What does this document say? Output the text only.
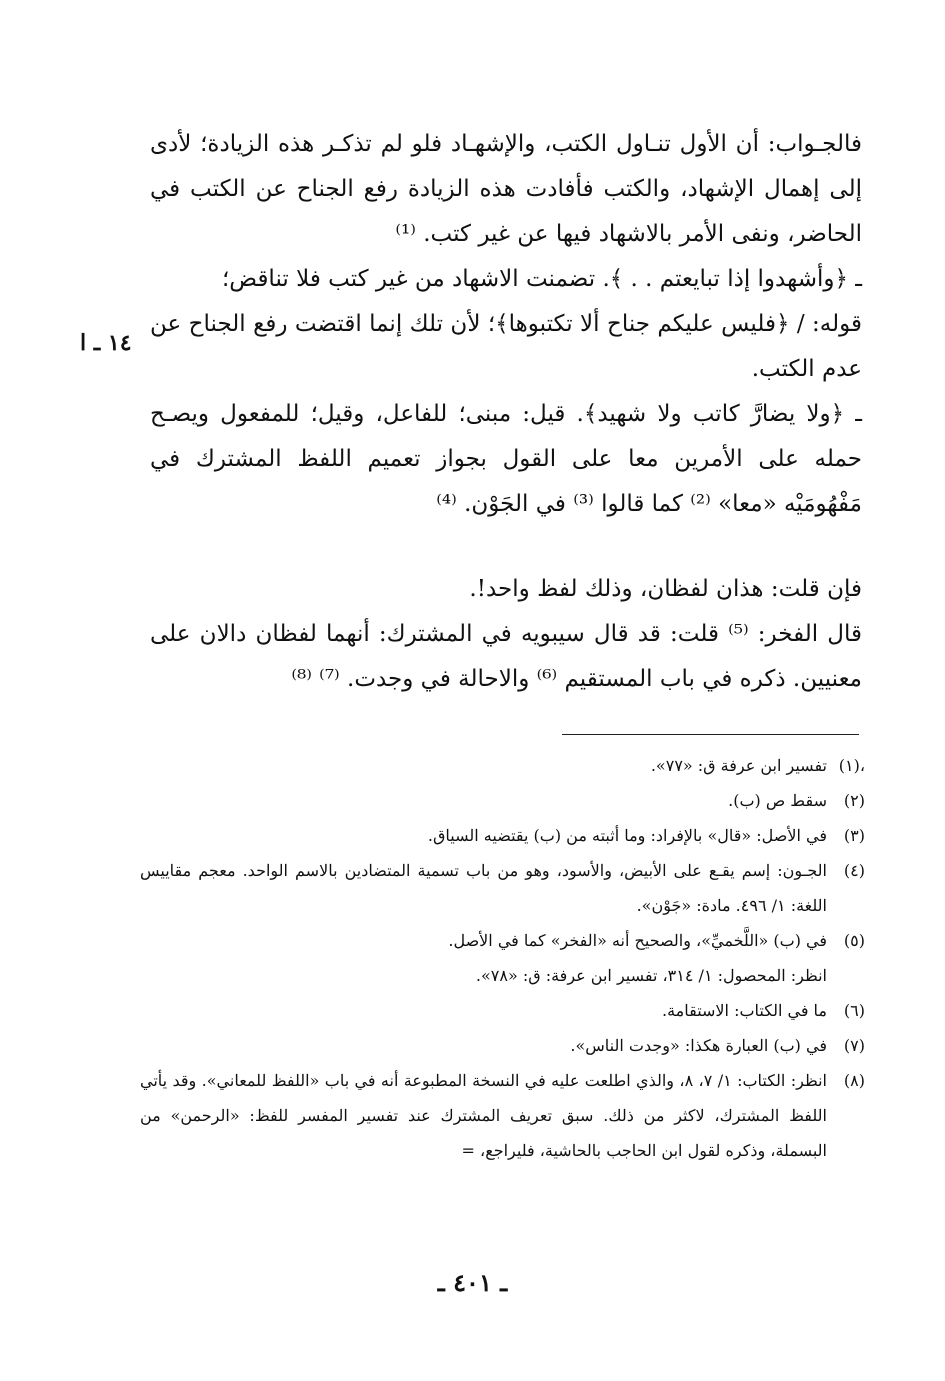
فالجـواب: أن الأول تنـاول الكتب، والإشهـاد فلو لم تذكـر هذه الزيادة؛ لأدى إلى إهمال الإشهاد، والكتب فأفادت هذه الزيادة رفع الجناح عن الكتب في الحاضر، ونفى الأمر بالاشهاد فيها عن غير كتب. ⁽¹⁾

ـ ﴿وأشهدوا إذا تبايعتم . . ﴾. تضمنت الاشهاد من غير كتب فلا تناقض؛

قوله: / ﴿فليس عليكم جناح ألا تكتبوها﴾؛ لأن تلك إنما اقتضت رفع الجناح عن عدم الكتب.

ـ ﴿ولا يضارَّ كاتب ولا شهيد﴾. قيل: مبنى؛ للفاعل، وقيل؛ للمفعول ويصـح حمله على الأمرين معا على القول بجواز تعميم اللفظ المشترك في مَفْهُومَيْه «معا» ⁽²⁾ كما قالوا ⁽³⁾ في الجَوْن. ⁽⁴⁾

فإن قلت: هذان لفظان، وذلك لفظ واحد!.

قال الفخر: ⁽⁵⁾ قلت: قد قال سيبويه في المشترك: أنهما لفظان دالان على معنيين. ذكره في باب المستقيم ⁽⁶⁾ والاحالة في وجدت. ⁽⁷⁾ ⁽⁸⁾

١٤ ـ ا
،(١)
تفسير ابن عرفة ق: «٧٧».
(٢)
سقط ص (ب).
(٣)
في الأصل: «قال» بالإفراد: وما أثبته من (ب) يقتضيه السياق.
(٤)
الجـون: إسم يقـع على الأبيض، والأسود، وهو من باب تسمية المتضادين بالاسم الواحد. معجم مقاييس اللغة: ١/ ٤٩٦. مادة: «جَوْن».
(٥)
في (ب) «اللَّخميِّ»، والصحيح أنه «الفخر» كما في الأصل.
انظر: المحصول: ١/ ٣١٤، تفسير ابن عرفة: ق: «٧٨».
(٦)
ما في الكتاب: الاستقامة.
(٧)
في (ب) العبارة هكذا: «وجدت الناس».
(٨)
انظر: الكتاب: ١/ ٧، ٨، والذي اطلعت عليه في النسخة المطبوعة أنه في باب «اللفظ للمعاني». وقد يأتي اللفظ المشترك، لاكثر من ذلك. سبق تعريف المشترك عند تفسير المفسر للفظ: «الرحمن» من البسملة، وذكره لقول ابن الحاجب بالحاشية، فليراجع، =
ـ ٤٠١ ـ
